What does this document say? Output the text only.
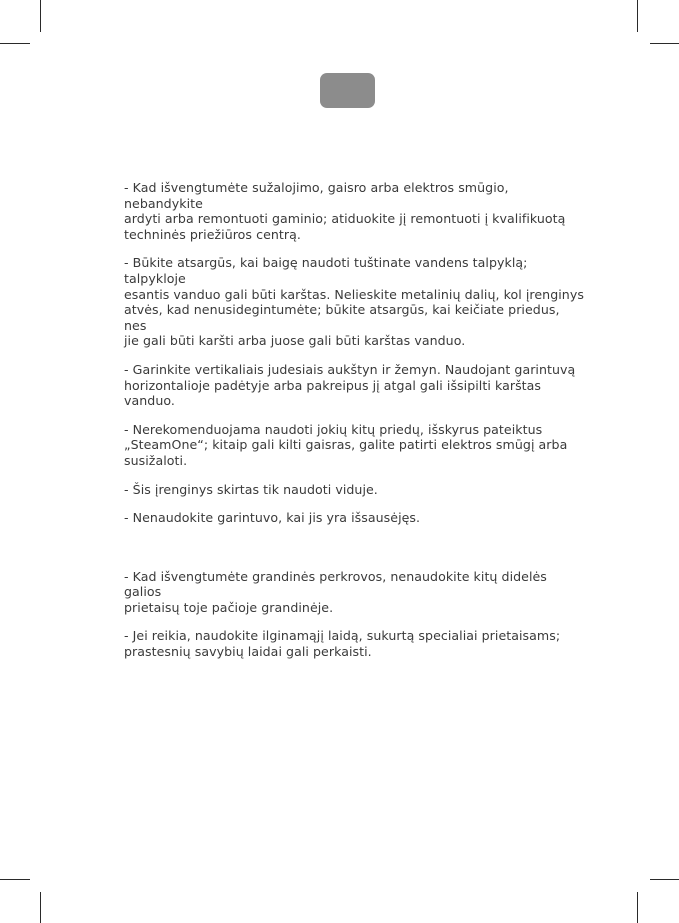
- Kad išvengtumėte sužalojimo, gaisro arba elektros smūgio, nebandykite
ardyti arba remontuoti gaminio; atiduokite jį remontuoti į kvalifikuotą
techninės priežiūros centrą.

- Būkite atsargūs, kai baigę naudoti tuštinate vandens talpyklą; talpykloje
esantis vanduo gali būti karštas. Nelieskite metalinių dalių, kol įrenginys
atvės, kad nenusidegintumėte; būkite atsargūs, kai keičiate priedus, nes
jie gali būti karšti arba juose gali būti karštas vanduo.

- Garinkite vertikaliais judesiais aukštyn ir žemyn. Naudojant garintuvą
horizontalioje padėtyje arba pakreipus jį atgal gali išsipilti karštas vanduo.

- Nerekomenduojama naudoti jokių kitų priedų, išskyrus pateiktus
„SteamOne“; kitaip gali kilti gaisras, galite patirti elektros smūgį arba
susižaloti.

- Šis įrenginys skirtas tik naudoti viduje.

- Nenaudokite garintuvo, kai jis yra išsausėjęs.

- Kad išvengtumėte grandinės perkrovos, nenaudokite kitų didelės galios
prietaisų toje pačioje grandinėje.

- Jei reikia, naudokite ilginamąjį laidą, sukurtą specialiai prietaisams;
prastesnių savybių laidai gali perkaisti.
